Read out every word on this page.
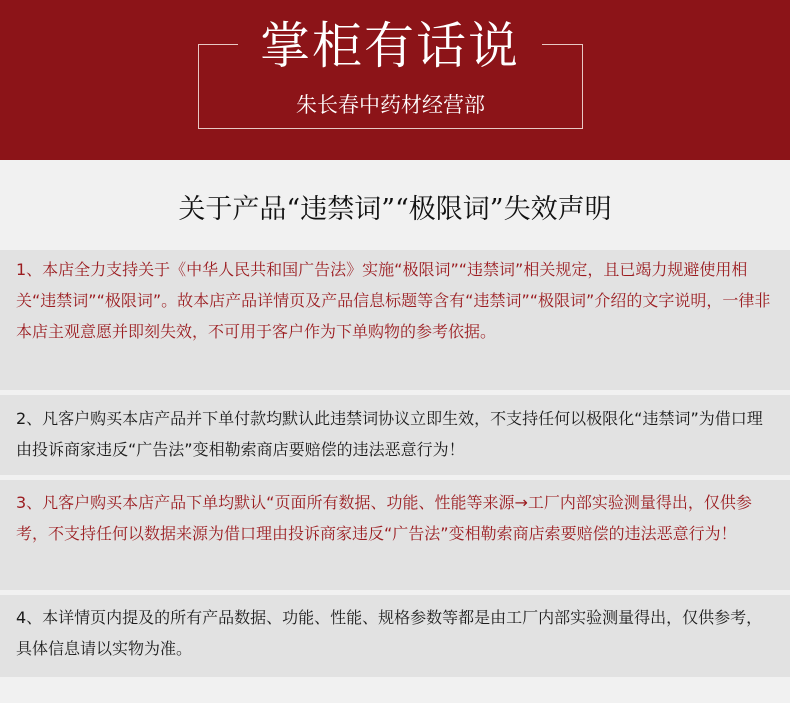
掌柜有话说
朱长春中药材经营部
关于产品“违禁词”“极限词”失效声明
1、本店全力支持关于《中华人民共和国广告法》实施“极限词”“违禁词”相关规定，且已竭力规避使用相关“违禁词”“极限词”。故本店产品详情页及产品信息标题等含有“违禁词”“极限词”介绍的文字说明，一律非本店主观意愿并即刻失效，不可用于客户作为下单购物的参考依据。
2、凡客户购买本店产品并下单付款均默认此违禁词协议立即生效，不支持任何以极限化“违禁词”为借口理由投诉商家违反“广告法”变相勒索商店要赔偿的违法恶意行为！
3、凡客户购买本店产品下单均默认“页面所有数据、功能、性能等来源→工厂内部实验测量得出，仅供参考，不支持任何以数据来源为借口理由投诉商家违反“广告法”变相勒索商店索要赔偿的违法恶意行为！
4、本详情页内提及的所有产品数据、功能、性能、规格参数等都是由工厂内部实验测量得出，仅供参考，具体信息请以实物为准。
